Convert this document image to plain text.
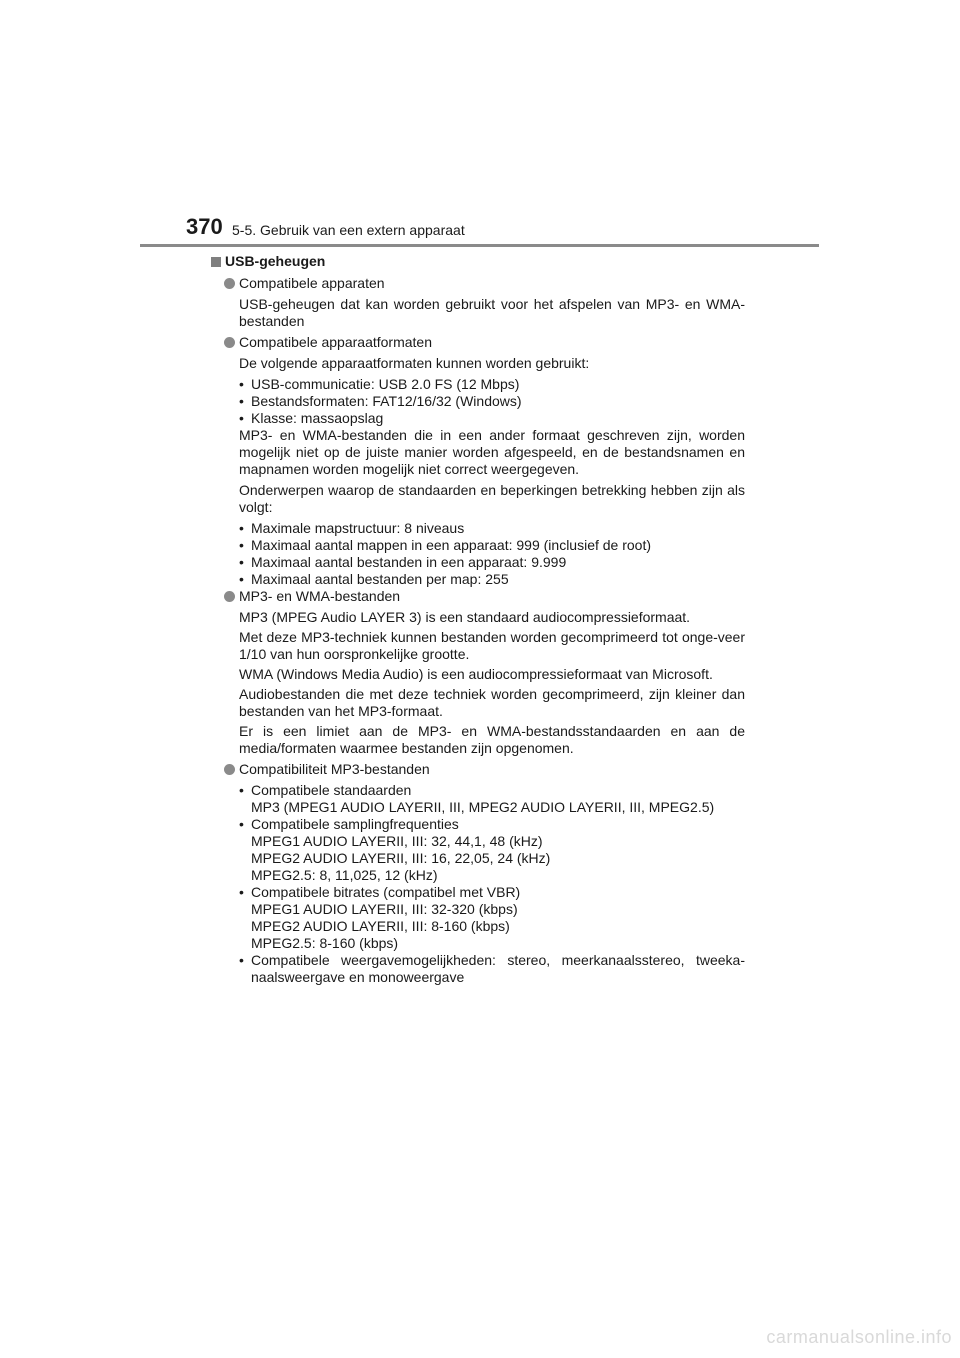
370 5-5. Gebruik van een extern apparaat
USB-geheugen
Compatibele apparaten
USB-geheugen dat kan worden gebruikt voor het afspelen van MP3- en WMA-bestanden
Compatibele apparaatformaten
De volgende apparaatformaten kunnen worden gebruikt:
• USB-communicatie: USB 2.0 FS (12 Mbps)
• Bestandsformaten: FAT12/16/32 (Windows)
• Klasse: massaopslag
MP3- en WMA-bestanden die in een ander formaat geschreven zijn, worden mogelijk niet op de juiste manier worden afgespeeld, en de bestandsnamen en mapnamen worden mogelijk niet correct weergegeven.
Onderwerpen waarop de standaarden en beperkingen betrekking hebben zijn als volgt:
• Maximale mapstructuur: 8 niveaus
• Maximaal aantal mappen in een apparaat: 999 (inclusief de root)
• Maximaal aantal bestanden in een apparaat: 9.999
• Maximaal aantal bestanden per map: 255
MP3- en WMA-bestanden
MP3 (MPEG Audio LAYER 3) is een standaard audiocompressieformaat.
Met deze MP3-techniek kunnen bestanden worden gecomprimeerd tot onge-veer 1/10 van hun oorspronkelijke grootte.
WMA (Windows Media Audio) is een audiocompressieformaat van Microsoft.
Audiobestanden die met deze techniek worden gecomprimeerd, zijn kleiner dan bestanden van het MP3-formaat.
Er is een limiet aan de MP3- en WMA-bestandsstandaarden en aan de media/formaten waarmee bestanden zijn opgenomen.
Compatibiliteit MP3-bestanden
• Compatibele standaarden
MP3 (MPEG1 AUDIO LAYERII, III, MPEG2 AUDIO LAYERII, III, MPEG2.5)
• Compatibele samplingfrequenties
MPEG1 AUDIO LAYERII, III: 32, 44,1, 48 (kHz)
MPEG2 AUDIO LAYERII, III: 16, 22,05, 24 (kHz)
MPEG2.5: 8, 11,025, 12 (kHz)
• Compatibele bitrates (compatibel met VBR)
MPEG1 AUDIO LAYERII, III: 32-320 (kbps)
MPEG2 AUDIO LAYERII, III: 8-160 (kbps)
MPEG2.5: 8-160 (kbps)
• Compatibele weergavemogelijkheden: stereo, meerkanaalsstereo, tweeka-naalsweergave en monoweergave
carmanualsonline.info
